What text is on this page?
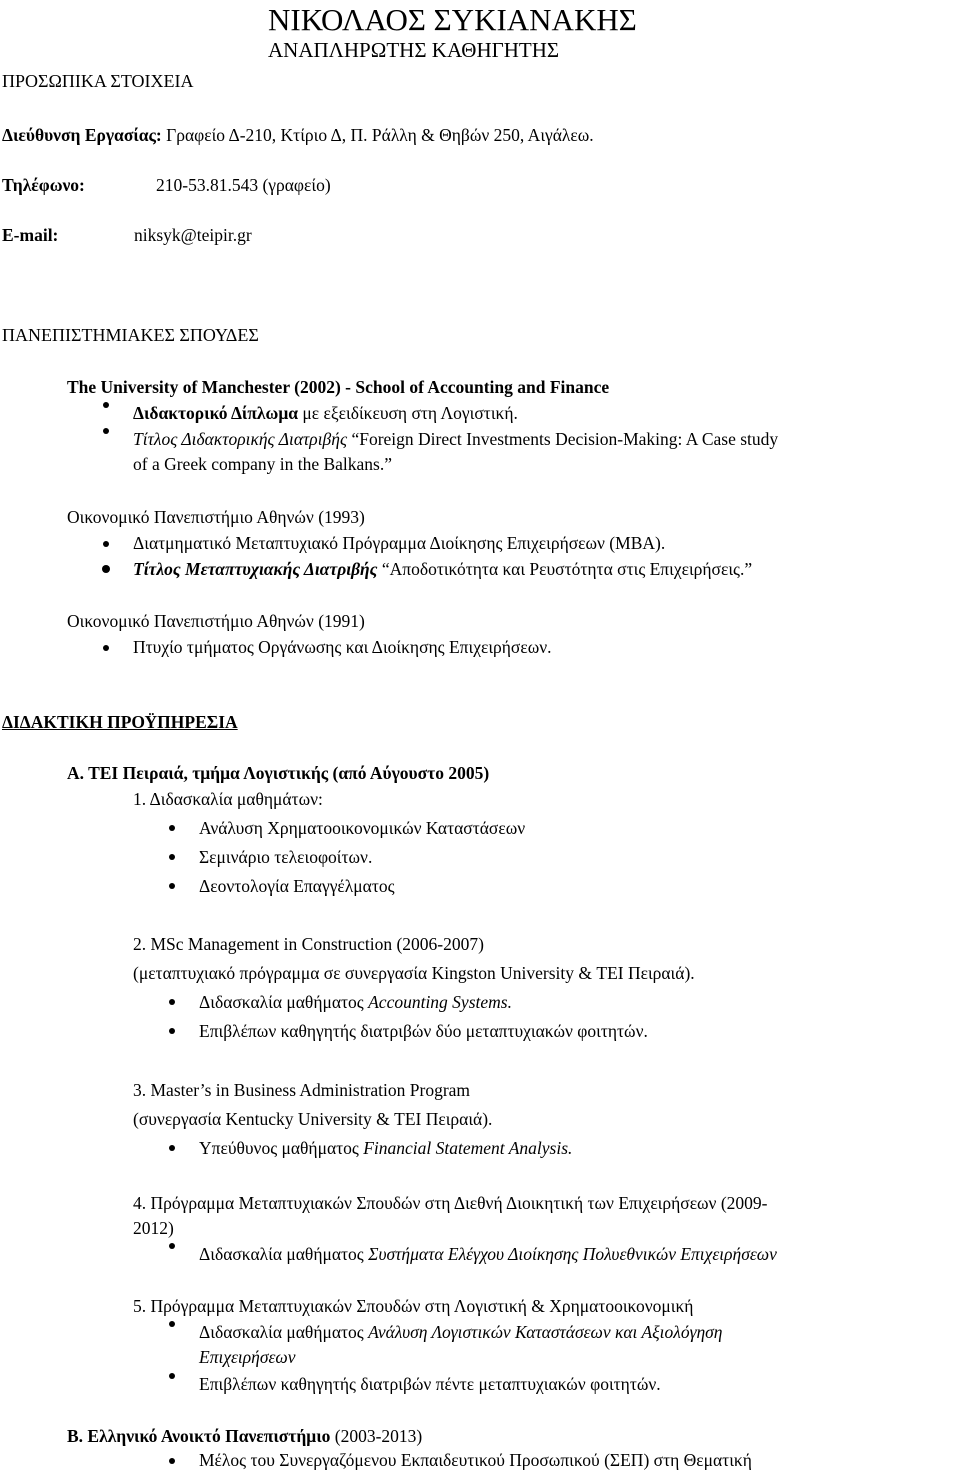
ΝΙΚΟΛΑΟΣ ΣΥΚΙΑΝΑΚΗΣ
ΑΝΑΠΛΗΡΩΤΗΣ ΚΑΘΗΓΗΤΗΣ
ΠΡΟΣΩΠΙΚΑ ΣΤΟΙΧΕΙΑ
Διεύθυνση Εργασίας: Γραφείο Δ-210, Κτίριο Δ, Π. Ράλλη & Θηβών 250, Αιγάλεω.
Τηλέφωνο:	210-53.81.543 (γραφείο)
E-mail:	niksyk@teipir.gr
ΠΑΝΕΠΙΣΤΗΜΙΑΚΕΣ ΣΠΟΥΔΕΣ
The University of Manchester (2002) - School of Accounting and Finance
Διδακτορικό Δίπλωμα με εξειδίκευση στη Λογιστική.
Τίτλος Διδακτορικής Διατριβής “Foreign Direct Investments Decision-Making: A Case study
of a Greek company in the Balkans.”
Οικονομικό Πανεπιστήμιο Αθηνών (1993)
Διατμηματικό Μεταπτυχιακό Πρόγραμμα Διοίκησης Επιχειρήσεων (ΜΒΑ).
Τίτλος Μεταπτυχιακής Διατριβής “Αποδοτικότητα και Ρευστότητα στις Επιχειρήσεις.”
Οικονομικό Πανεπιστήμιο Αθηνών (1991)
Πτυχίο τμήματος Οργάνωσης και Διοίκησης Επιχειρήσεων.
ΔΙΔΑΚΤΙΚΗ ΠΡΟΫΠΗΡΕΣΙΑ
Α. ΤΕΙ Πειραιά, τμήμα Λογιστικής (από Αύγουστο 2005)
1. Διδασκαλία μαθημάτων:
Ανάλυση Χρηματοοικονομικών Καταστάσεων
Σεμινάριο τελειοφοίτων.
Δεοντολογία Επαγγέλματος
2. MSc Management in Construction (2006-2007)
(μεταπτυχιακό πρόγραμμα σε συνεργασία Kingston University & ΤΕΙ Πειραιά).
Διδασκαλία μαθήματος Accounting Systems.
Επιβλέπων καθηγητής διατριβών δύο μεταπτυχιακών φοιτητών.
3. Master’s in Business Administration Program
(συνεργασία Kentucky University & ΤΕΙ Πειραιά).
Υπεύθυνος μαθήματος Financial Statement Analysis.
4. Πρόγραμμα Μεταπτυχιακών Σπουδών στη Διεθνή Διοικητική των Επιχειρήσεων (2009-
2012)
Διδασκαλία μαθήματος Συστήματα Ελέγχου Διοίκησης Πολυεθνικών Επιχειρήσεων
5. Πρόγραμμα Μεταπτυχιακών Σπουδών στη Λογιστική & Χρηματοοικονομική
Διδασκαλία μαθήματος Ανάλυση Λογιστικών Καταστάσεων και Αξιολόγηση
Επιχειρήσεων
Επιβλέπων καθηγητής διατριβών πέντε μεταπτυχιακών φοιτητών.
Β. Ελληνικό Ανοικτό Πανεπιστήμιο (2003-2013)
Μέλος του Συνεργαζόμενου Εκπαιδευτικού Προσωπικού (ΣΕΠ) στη Θεματική
